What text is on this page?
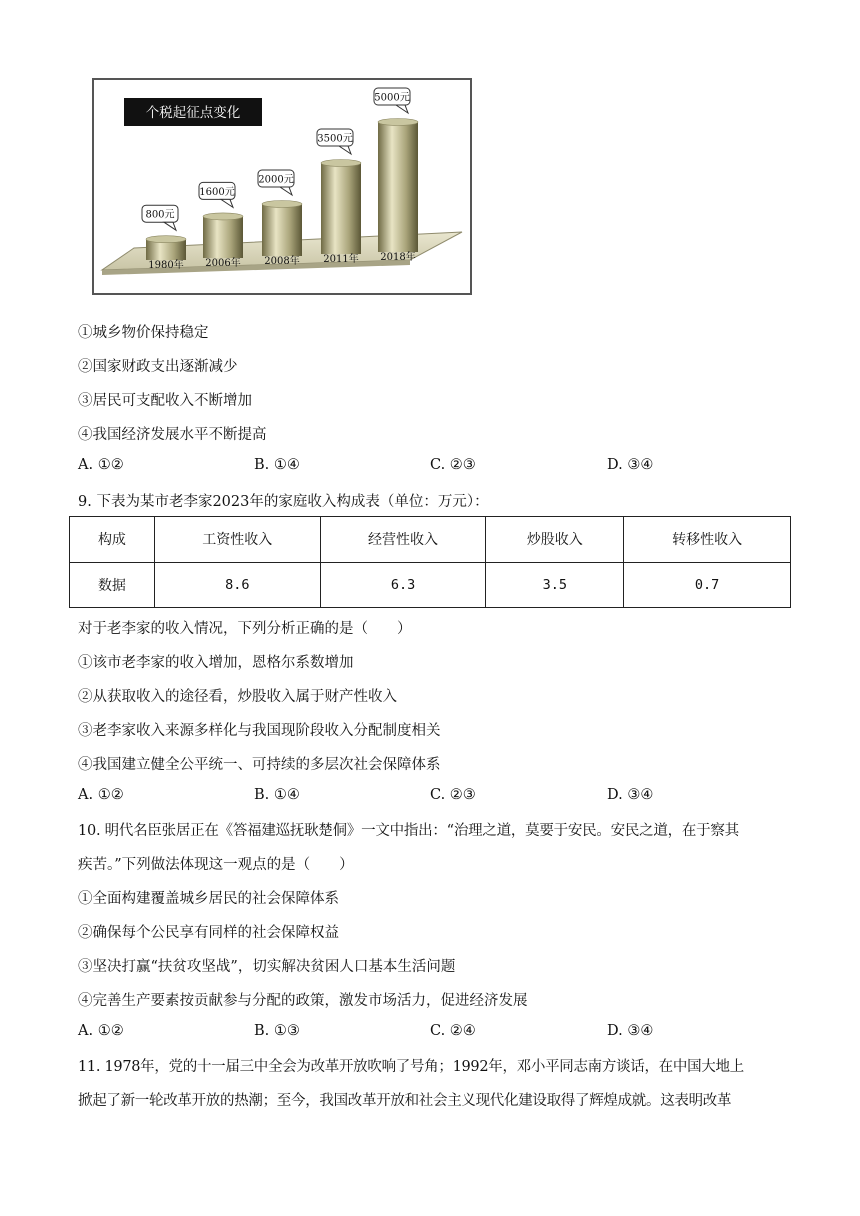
个税起征点变化
800元
1980年
1600元
2006年
2000元
2008年
3500元
2011年
5000元
2018年
①城乡物价保持稳定
②国家财政支出逐渐减少
③居民可支配收入不断增加
④我国经济发展水平不断提高
A. ①②	B. ①④	C. ②③	D. ③④
9. 下表为某市老李家2023年的家庭收入构成表（单位：万元）：
构成	工资性收入	经营性收入	炒股收入	转移性收入
数据	8.6	6.3	3.5	0.7
对于老李家的收入情况，下列分析正确的是（　　）
①该市老李家的收入增加，恩格尔系数增加
②从获取收入的途径看，炒股收入属于财产性收入
③老李家收入来源多样化与我国现阶段收入分配制度相关
④我国建立健全公平统一、可持续的多层次社会保障体系
A. ①②	B. ①④	C. ②③	D. ③④
10. 明代名臣张居正在《答福建巡抚耿楚侗》一文中指出：“治理之道，莫要于安民。安民之道，在于察其
疾苦。”下列做法体现这一观点的是（　　）
①全面构建覆盖城乡居民的社会保障体系
②确保每个公民享有同样的社会保障权益
③坚决打赢“扶贫攻坚战”，切实解决贫困人口基本生活问题
④完善生产要素按贡献参与分配的政策，激发市场活力，促进经济发展
A. ①②	B. ①③	C. ②④	D. ③④
11. 1978年，党的十一届三中全会为改革开放吹响了号角；1992年，邓小平同志南方谈话，在中国大地上
掀起了新一轮改革开放的热潮；至今，我国改革开放和社会主义现代化建设取得了辉煌成就。这表明改革
